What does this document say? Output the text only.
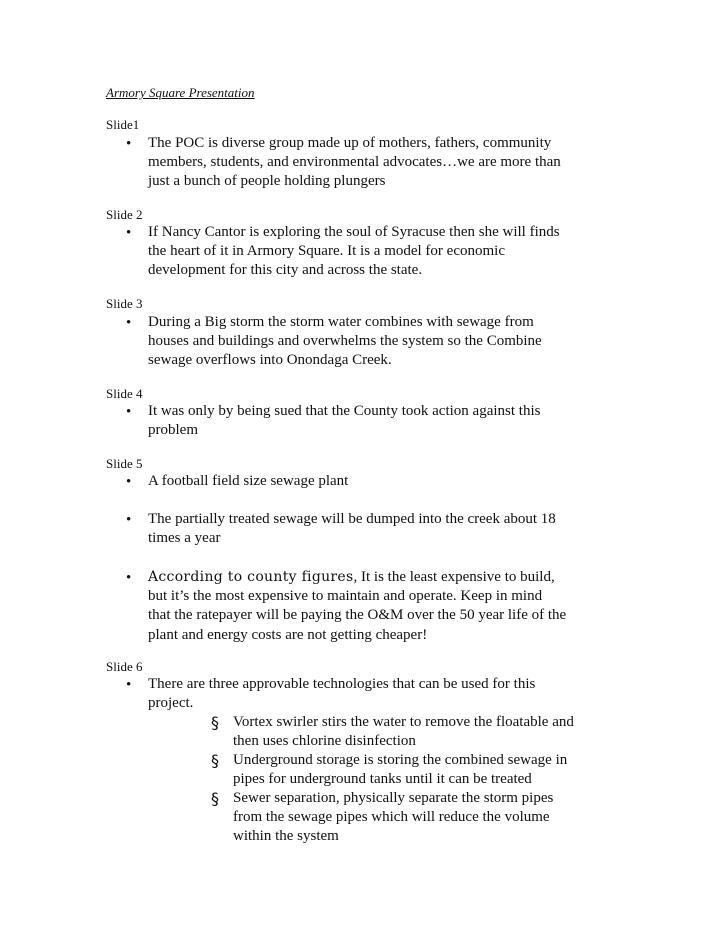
Armory Square Presentation
Slide1
• The POC is diverse group made up of mothers, fathers, community
members, students, and environmental advocates…we are more than
just a bunch of people holding plungers
Slide 2
• If Nancy Cantor is exploring the soul of Syracuse then she will finds
the heart of it in Armory Square. It is a model for economic
development for this city and across the state.
Slide 3
• During a Big storm the storm water combines with sewage from
houses and buildings and overwhelms the system so the Combine
sewage overflows into Onondaga Creek.
Slide 4
• It was only by being sued that the County took action against this
problem
Slide 5
• A football field size sewage plant
• The partially treated sewage will be dumped into the creek about 18
times a year
• According to county figures, It is the least expensive to build,
but it’s the most expensive to maintain and operate. Keep in mind
that the ratepayer will be paying the O&M over the 50 year life of the
plant and energy costs are not getting cheaper!
Slide 6
• There are three approvable technologies that can be used for this
project.
§ Vortex swirler stirs the water to remove the floatable and
then uses chlorine disinfection
§ Underground storage is storing the combined sewage in
pipes for underground tanks until it can be treated
§ Sewer separation, physically separate the storm pipes
from the sewage pipes which will reduce the volume
within the system
